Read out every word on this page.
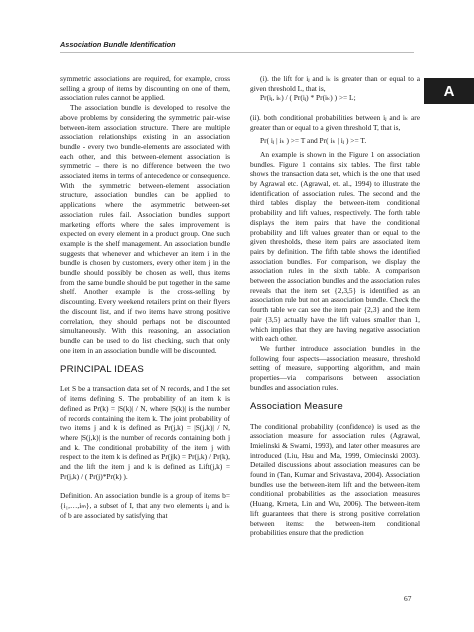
Association Bundle Identification
A

symmetric associations are required, for example, cross selling a group of items by discounting on one of them, association rules cannot be applied.

The association bundle is developed to resolve the above problems by considering the symmetric pair-wise between-item association structure. There are multiple association relationships existing in an association bundle - every two bundle-elements are associated with each other, and this between-element association is symmetric – there is no difference between the two associated items in terms of antecedence or consequence. With the symmetric between-element association structure, association bundles can be applied to applications where the asymmetric between-set association rules fail. Association bundles support marketing efforts where the sales improvement is expected on every element in a product group. One such example is the shelf management. An association bundle suggests that whenever and whichever an item i in the bundle is chosen by customers, every other item j in the bundle should possibly be chosen as well, thus items from the same bundle should be put together in the same shelf. Another example is the cross-selling by discounting. Every weekend retailers print on their flyers the discount list, and if two items have strong positive correlation, they should perhaps not be discounted simultaneously. With this reasoning, an association bundle can be used to do list checking, such that only one item in an association bundle will be discounted.

PRINCIPAL IDEAS

Let S be a transaction data set of N records, and I the set of items defining S. The probability of an item k is defined as Pr(k) = |S(k)| / N, where |S(k)| is the number of records containing the item k. The joint probability of two items j and k is defined as Pr(j,k) = |S(j,k)| / N, where |S(j,k)| is the number of records containing both j and k. The conditional probability of the item j with respect to the item k is defined as Pr(j|k) = Pr(j,k) / Pr(k), and the lift the item j and k is defined as Lift(j,k) = Pr(j,k) / ( Pr(j)*Pr(k) ).

Definition. An association bundle is a group of items b={i₁,…,iₘ}, a subset of I, that any two elements iⱼ and iₖ of b are associated by satisfying that

(i). the lift for iⱼ and iₖ is greater than or equal to a given threshold L, that is,

Pr(iⱼ, iₖ) / ( Pr(iⱼ) * Pr(iₖ) ) >= L;

(ii). both conditional probabilities between iⱼ and iₖ are greater than or equal to a given threshold T, that is,

Pr( iⱼ | iₖ ) >= T and Pr( iₖ | iⱼ ) >= T.

An example is shown in the Figure 1 on association bundles. Figure 1 contains six tables. The first table shows the transaction data set, which is the one that used by Agrawal etc. (Agrawal, et. al., 1994) to illustrate the identification of association rules. The second and the third tables display the between-item conditional probability and lift values, respectively. The forth table displays the item pairs that have the conditional probability and lift values greater than or equal to the given thresholds, these item pairs are associated item pairs by definition. The fifth table shows the identified association bundles. For comparison, we display the association rules in the sixth table. A comparison between the association bundles and the association rules reveals that the item set {2,3,5} is identified as an association rule but not an association bundle. Check the fourth table we can see the item pair {2,3} and the item pair {3,5} actually have the lift values smaller than 1, which implies that they are having negative association with each other.

We further introduce association bundles in the following four aspects—association measure, threshold setting of measure, supporting algorithm, and main properties—via comparisons between association bundles and association rules.

Association Measure

The conditional probability (confidence) is used as the association measure for association rules (Agrawal, Imielinski & Swami, 1993), and later other measures are introduced (Liu, Hsu and Ma, 1999, Omiecinski 2003). Detailed discussions about association measures can be found in (Tan, Kumar and Srivastava, 2004). Association bundles use the between-item lift and the between-item conditional probabilities as the association measures (Huang, Krneta, Lin and Wu, 2006). The between-item lift guarantees that there is strong positive correlation between items: the between-item conditional probabilities ensure that the prediction

67
